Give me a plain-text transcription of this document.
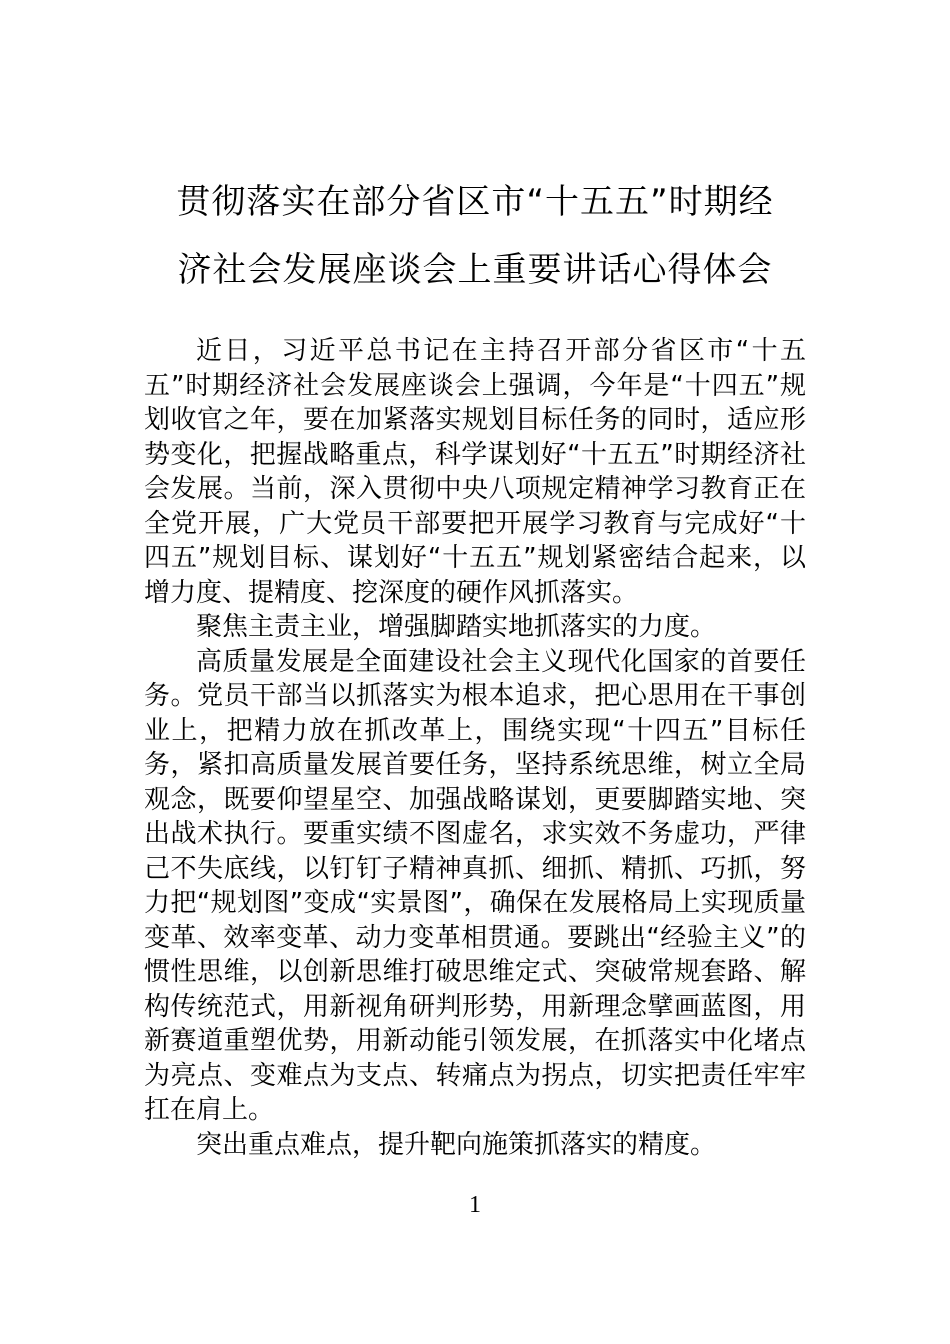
贯彻落实在部分省区市“十五五”时期经
济社会发展座谈会上重要讲话心得体会

近日，习近平总书记在主持召开部分省区市“十五五”时期经济社会发展座谈会上强调，今年是“十四五”规划收官之年，要在加紧落实规划目标任务的同时，适应形势变化，把握战略重点，科学谋划好“十五五”时期经济社会发展。当前，深入贯彻中央八项规定精神学习教育正在全党开展，广大党员干部要把开展学习教育与完成好“十四五”规划目标、谋划好“十五五”规划紧密结合起来，以增力度、提精度、挖深度的硬作风抓落实。

聚焦主责主业，增强脚踏实地抓落实的力度。

高质量发展是全面建设社会主义现代化国家的首要任务。党员干部当以抓落实为根本追求，把心思用在干事创业上，把精力放在抓改革上，围绕实现“十四五”目标任务，紧扣高质量发展首要任务，坚持系统思维，树立全局观念，既要仰望星空、加强战略谋划，更要脚踏实地、突出战术执行。要重实绩不图虚名，求实效不务虚功，严律己不失底线，以钉钉子精神真抓、细抓、精抓、巧抓，努力把“规划图”变成“实景图”，确保在发展格局上实现质量变革、效率变革、动力变革相贯通。要跳出“经验主义”的惯性思维，以创新思维打破思维定式、突破常规套路、解构传统范式，用新视角研判形势，用新理念擘画蓝图，用新赛道重塑优势，用新动能引领发展，在抓落实中化堵点为亮点、变难点为支点、转痛点为拐点，切实把责任牢牢扛在肩上。

突出重点难点，提升靶向施策抓落实的精度。

1
